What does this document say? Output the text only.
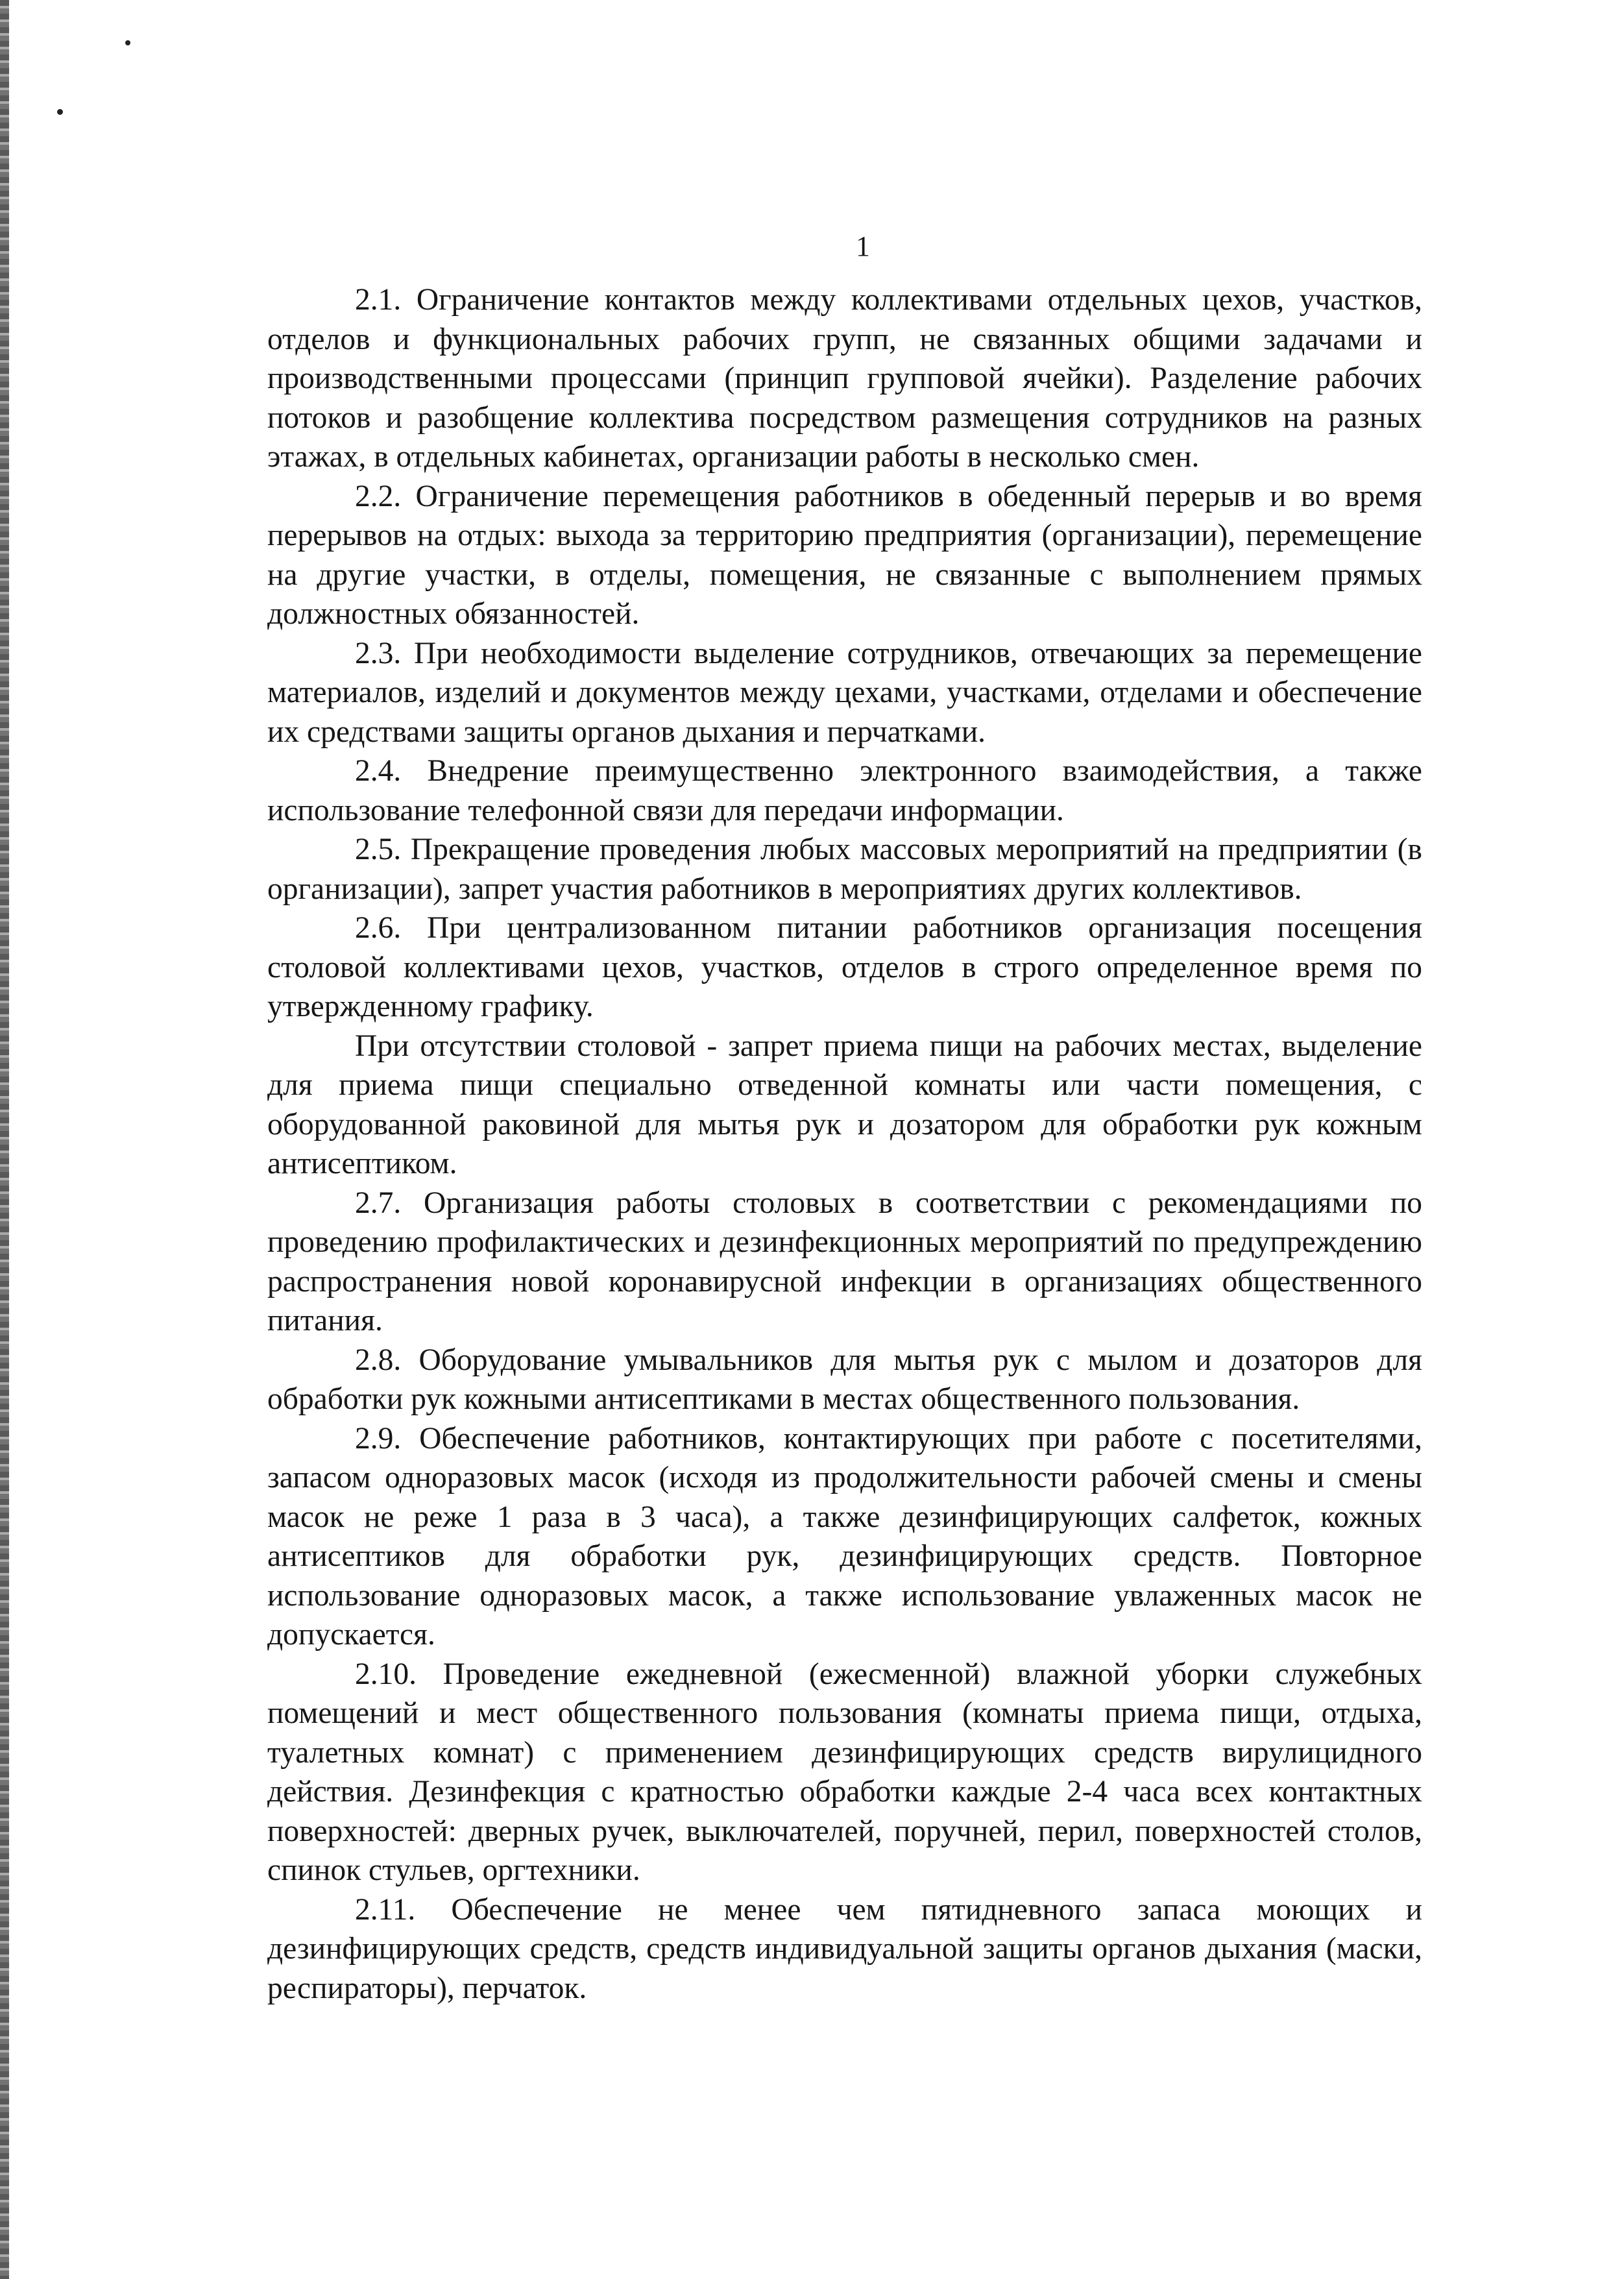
1

2.1. Ограничение контактов между коллективами отдельных цехов, участков, отделов и функциональных рабочих групп, не связанных общими задачами и производственными процессами (принцип групповой ячейки). Разделение рабочих потоков и разобщение коллектива посредством размещения сотрудников на разных этажах, в отдельных кабинетах, организации работы в несколько смен.

2.2. Ограничение перемещения работников в обеденный перерыв и во время перерывов на отдых: выхода за территорию предприятия (организации), перемещение на другие участки, в отделы, помещения, не связанные с выполнением прямых должностных обязанностей.

2.3. При необходимости выделение сотрудников, отвечающих за перемещение материалов, изделий и документов между цехами, участками, отделами и обеспечение их средствами защиты органов дыхания и перчатками.

2.4. Внедрение преимущественно электронного взаимодействия, а также использование телефонной связи для передачи информации.

2.5. Прекращение проведения любых массовых мероприятий на предприятии (в организации), запрет участия работников в мероприятиях других коллективов.

2.6. При централизованном питании работников организация посещения столовой коллективами цехов, участков, отделов в строго определенное время по утвержденному графику.

При отсутствии столовой - запрет приема пищи на рабочих местах, выделение для приема пищи специально отведенной комнаты или части помещения, с оборудованной раковиной для мытья рук и дозатором для обработки рук кожным антисептиком.

2.7. Организация работы столовых в соответствии с рекомендациями по проведению профилактических и дезинфекционных мероприятий по предупреждению распространения новой коронавирусной инфекции в организациях общественного питания.

2.8. Оборудование умывальников для мытья рук с мылом и дозаторов для обработки рук кожными антисептиками в местах общественного пользования.

2.9. Обеспечение работников, контактирующих при работе с посетителями, запасом одноразовых масок (исходя из продолжительности рабочей смены и смены масок не реже 1 раза в 3 часа), а также дезинфицирующих салфеток, кожных антисептиков для обработки рук, дезинфицирующих средств. Повторное использование одноразовых масок, а также использование увлаженных масок не допускается.

2.10. Проведение ежедневной (ежесменной) влажной уборки служебных помещений и мест общественного пользования (комнаты приема пищи, отдыха, туалетных комнат) с применением дезинфицирующих средств вирулицидного действия. Дезинфекция с кратностью обработки каждые 2-4 часа всех контактных поверхностей: дверных ручек, выключателей, поручней, перил, поверхностей столов, спинок стульев, оргтехники.

2.11. Обеспечение не менее чем пятидневного запаса моющих и дезинфицирующих средств, средств индивидуальной защиты органов дыхания (маски, респираторы), перчаток.
